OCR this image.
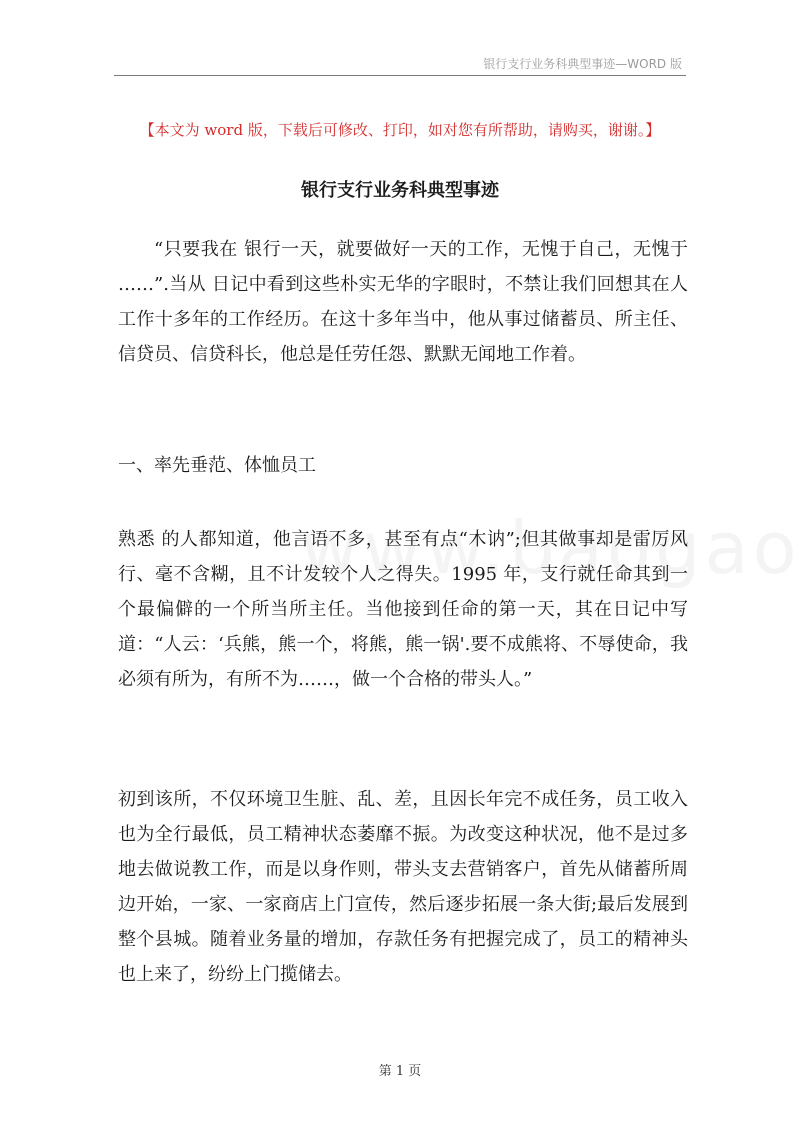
银行支行业务科典型事迹—WORD 版
【本文为 word 版，下载后可修改、打印，如对您有所帮助，请购买，谢谢。】
银行支行业务科典型事迹

“只要我在 银行一天，就要做好一天的工作，无愧于自己，无愧于 ……”.当从 日记中看到这些朴实无华的字眼时，不禁让我们回想其在人 工作十多年的工作经历。在这十多年当中，他从事过储蓄员、所主任、信贷员、信贷科长，他总是任劳任怨、默默无闻地工作着。

一、率先垂范、体恤员工

熟悉 的人都知道，他言语不多，甚至有点“木讷”;但其做事却是雷厉风行、毫不含糊，且不计发较个人之得失。1995 年，支行就任命其到一个最偏僻的一个所当所主任。当他接到任命的第一天，其在日记中写道：“人云：‘兵熊，熊一个，将熊，熊一锅'.要不成熊将、不辱使命，我必须有所为，有所不为……，做一个合格的带头人。”

初到该所，不仅环境卫生脏、乱、差，且因长年完不成任务，员工收入也为全行最低，员工精神状态萎靡不振。为改变这种状况，他不是过多地去做说教工作，而是以身作则，带头支去营销客户，首先从储蓄所周边开始，一家、一家商店上门宣传，然后逐步拓展一条大街;最后发展到整个县城。随着业务量的增加，存款任务有把握完成了，员工的精神头也上来了，纷纷上门揽储去。

第 1 页
